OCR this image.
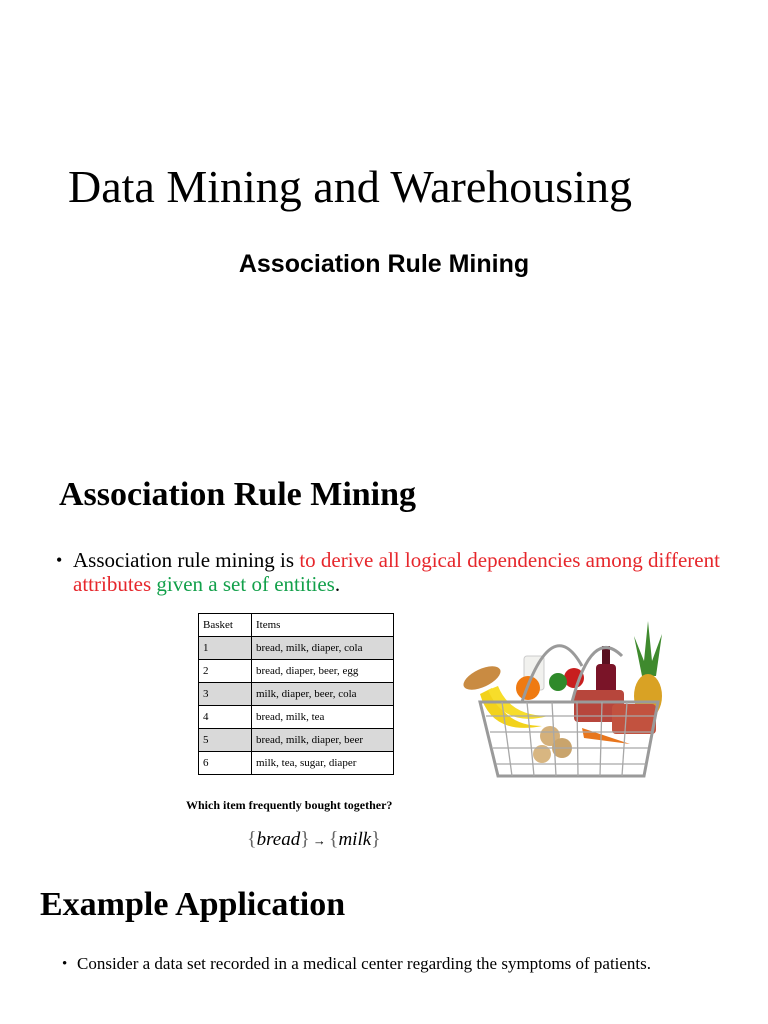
Data Mining and Warehousing
Association Rule Mining
Association Rule Mining
• Association rule mining is to derive all logical dependencies among different attributes given a set of entities.
Basket	Items
1	bread, milk, diaper, cola
2	bread, diaper, beer, egg
3	milk, diaper, beer, cola
4	bread, milk, tea
5	bread, milk, diaper, beer
6	milk, tea, sugar, diaper
Which item frequently bought together?
{bread} → {milk}
Example Application
• Consider a data set recorded in a medical center regarding the symptoms of patients.
